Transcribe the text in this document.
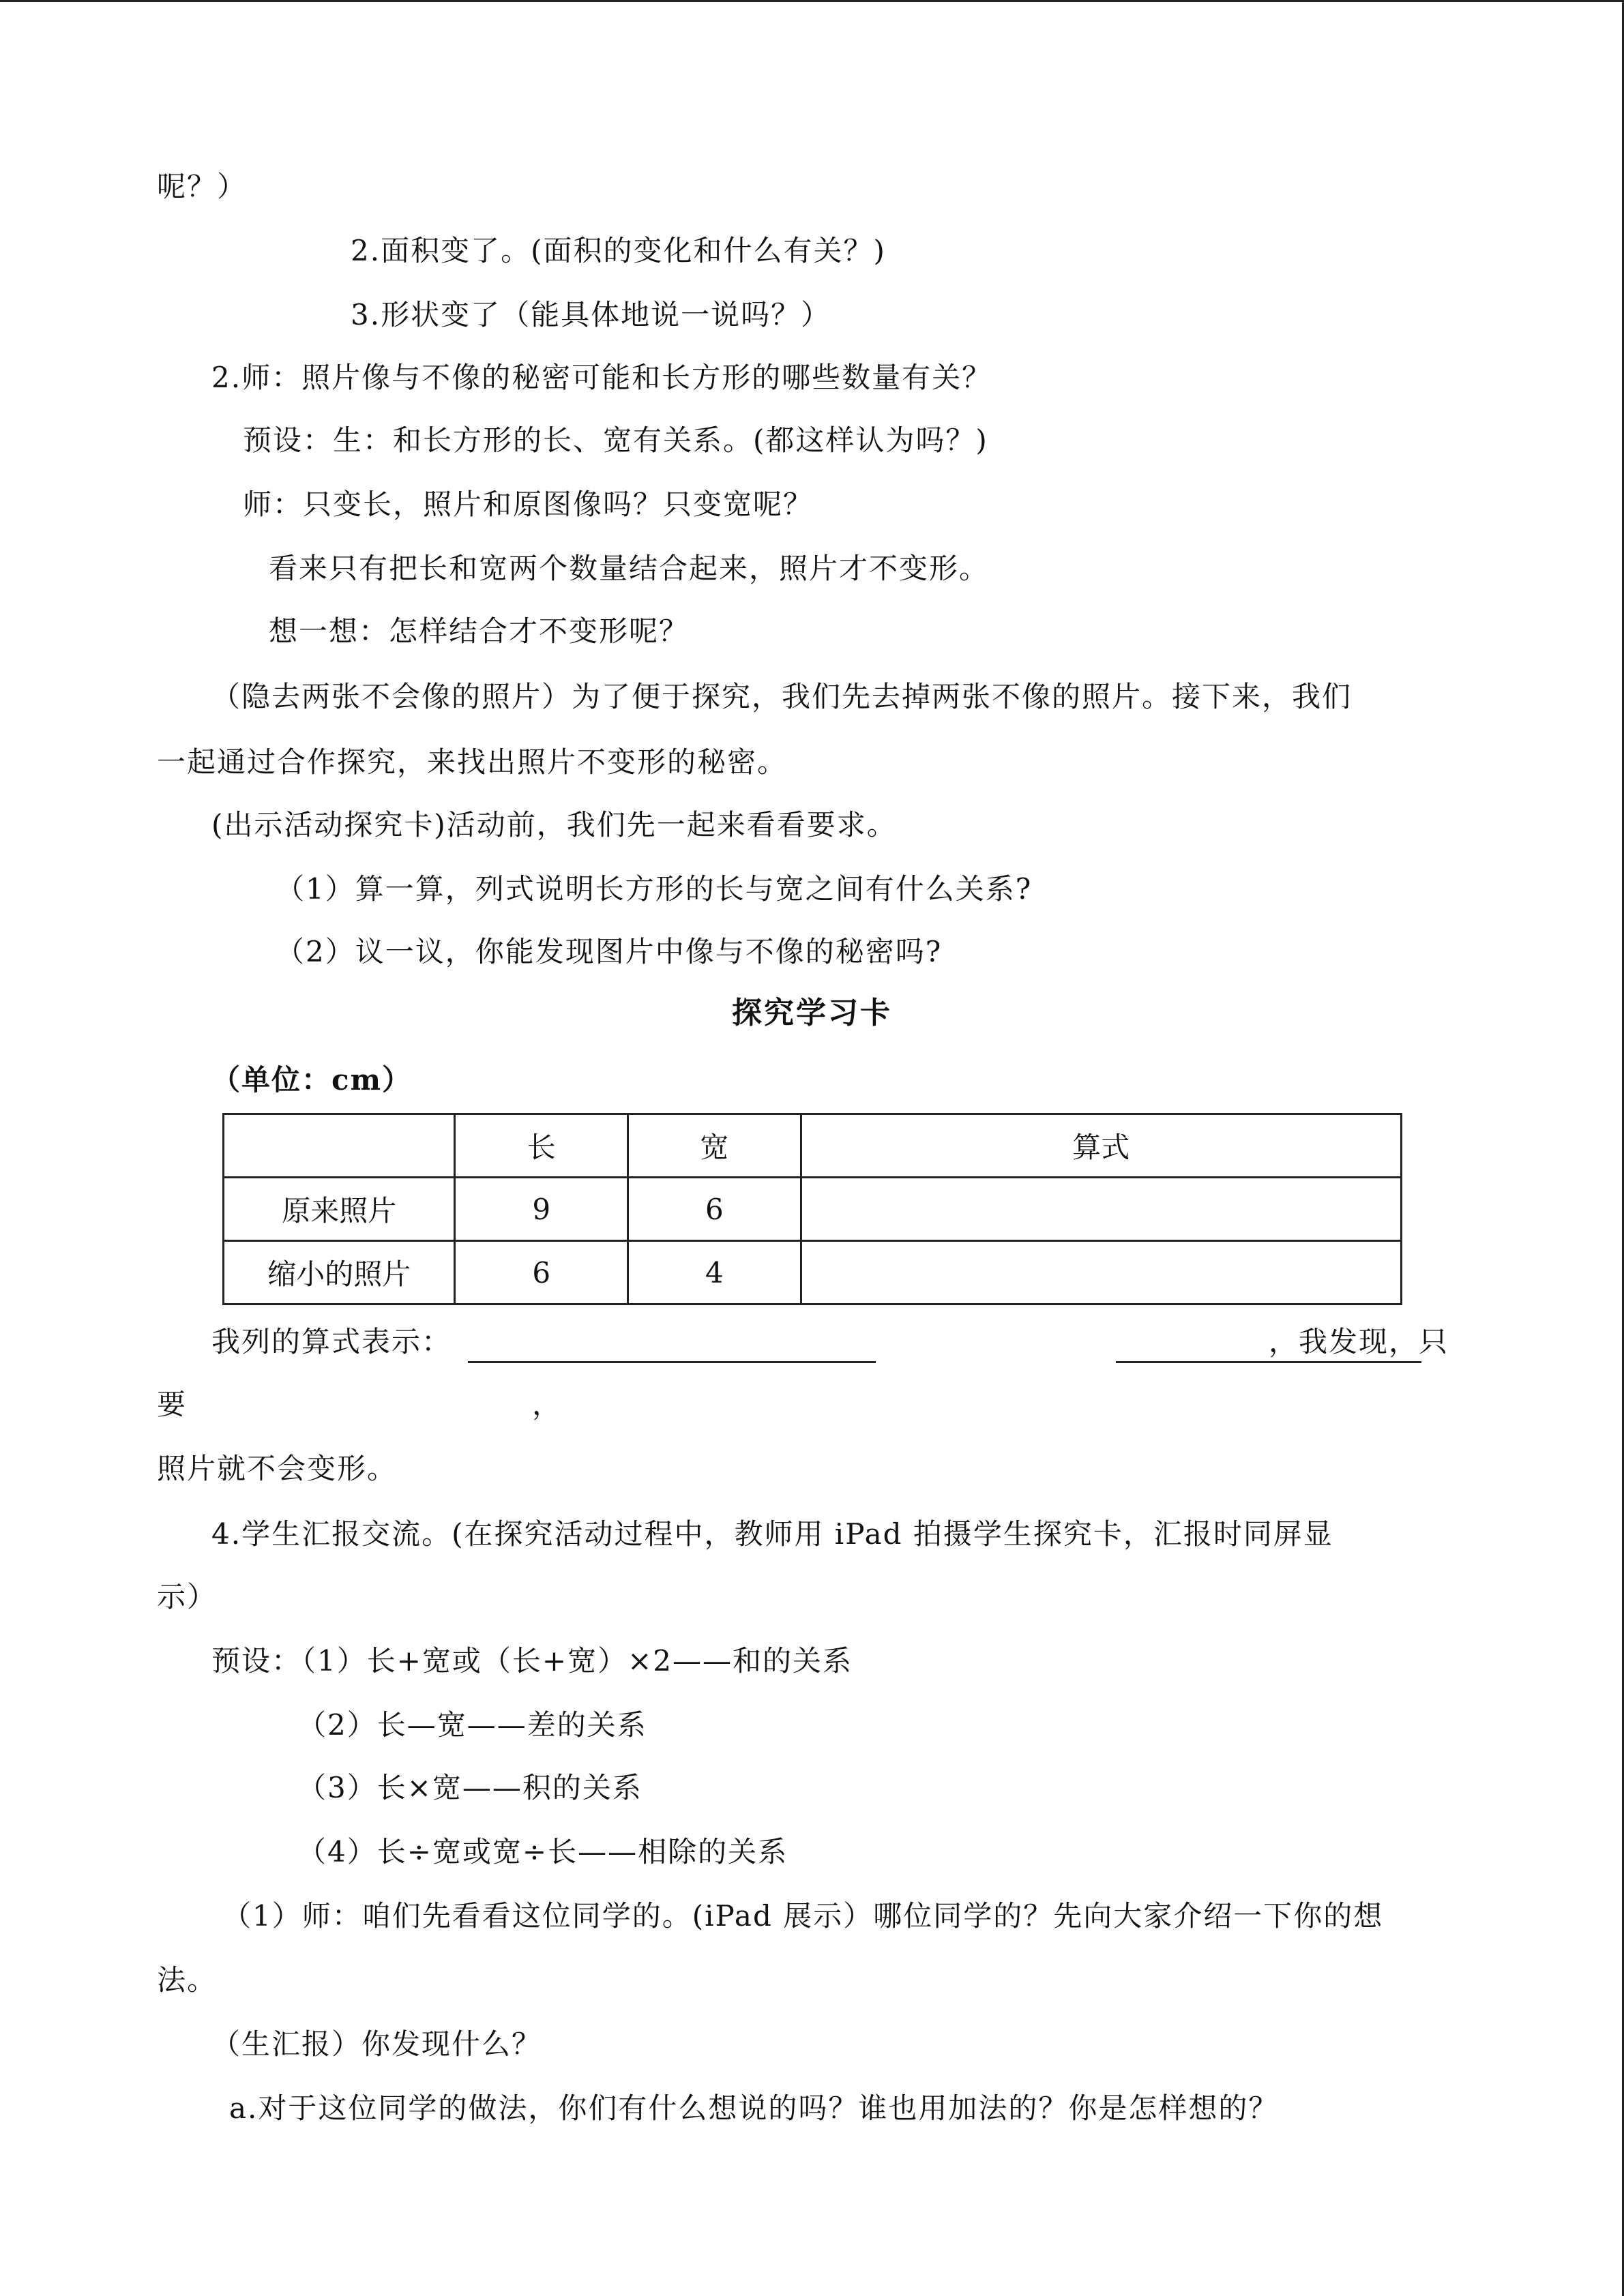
呢？）
2.面积变了。(面积的变化和什么有关？)
3.形状变了（能具体地说一说吗？）
2.师：照片像与不像的秘密可能和长方形的哪些数量有关？
预设：生：和长方形的长、宽有关系。(都这样认为吗？)
师：只变长，照片和原图像吗？只变宽呢？
看来只有把长和宽两个数量结合起来，照片才不变形。
想一想：怎样结合才不变形呢？
（隐去两张不会像的照片）为了便于探究，我们先去掉两张不像的照片。接下来，我们
一起通过合作探究，来找出照片不变形的秘密。
(出示活动探究卡)活动前，我们先一起来看看要求。
（1）算一算，列式说明长方形的长与宽之间有什么关系?
（2）议一议，你能发现图片中像与不像的秘密吗?
探究学习卡
（单位：cm）
	长	宽	算式
原来照片	9	6	
缩小的照片	6	4	
我列的算式表示：	，我发现，只
要	，
照片就不会变形。
4.学生汇报交流。(在探究活动过程中，教师用 iPad 拍摄学生探究卡，汇报时同屏显
示）
预设：（1）长+宽或（长+宽）×2——和的关系
（2）长—宽——差的关系
（3）长×宽——积的关系
（4）长÷宽或宽÷长——相除的关系
（1）师：咱们先看看这位同学的。(iPad 展示）哪位同学的？先向大家介绍一下你的想
法。
（生汇报）你发现什么？
a.对于这位同学的做法，你们有什么想说的吗？谁也用加法的？你是怎样想的？
